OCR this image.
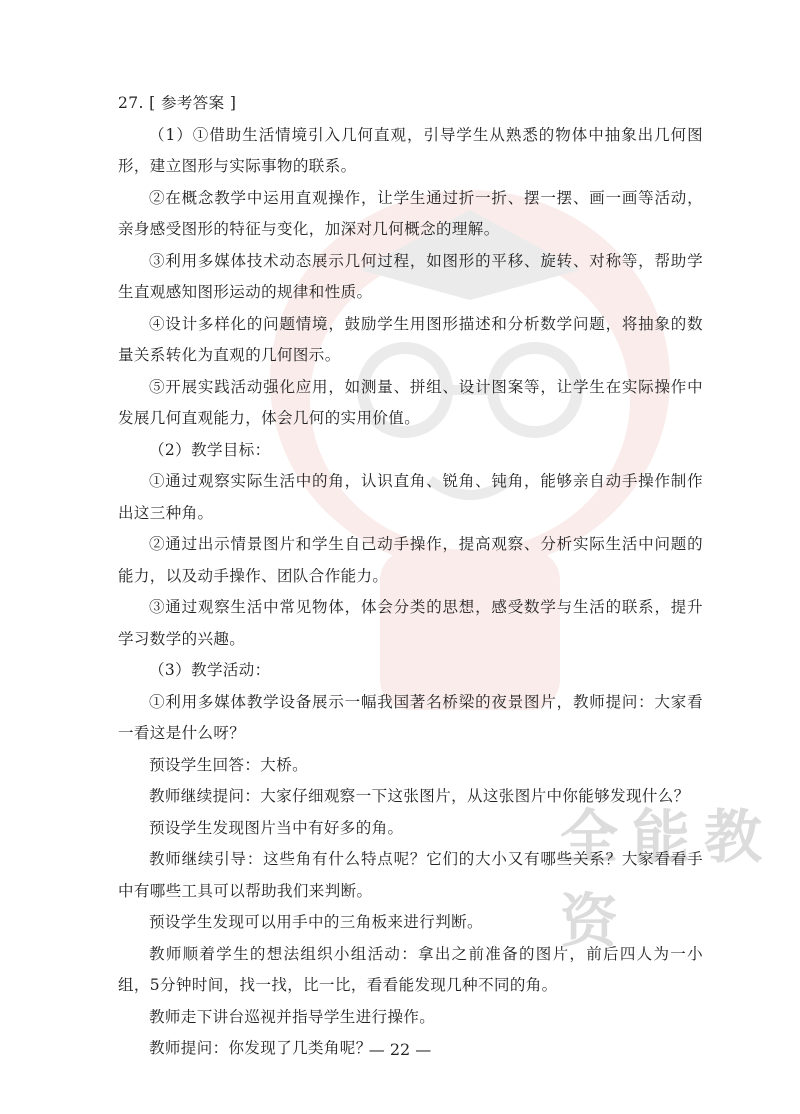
全能教资

27. [ 参考答案 ]

（1）①借助生活情境引入几何直观，引导学生从熟悉的物体中抽象出几何图形，建立图形与实际事物的联系。

②在概念教学中运用直观操作，让学生通过折一折、摆一摆、画一画等活动，亲身感受图形的特征与变化，加深对几何概念的理解。

③利用多媒体技术动态展示几何过程，如图形的平移、旋转、对称等，帮助学生直观感知图形运动的规律和性质。

④设计多样化的问题情境，鼓励学生用图形描述和分析数学问题，将抽象的数量关系转化为直观的几何图示。

⑤开展实践活动强化应用，如测量、拼组、设计图案等，让学生在实际操作中发展几何直观能力，体会几何的实用价值。

（2）教学目标：

①通过观察实际生活中的角，认识直角、锐角、钝角，能够亲自动手操作制作出这三种角。

②通过出示情景图片和学生自己动手操作，提高观察、分析实际生活中问题的能力，以及动手操作、团队合作能力。

③通过观察生活中常见物体，体会分类的思想，感受数学与生活的联系，提升学习数学的兴趣。

（3）教学活动：

①利用多媒体教学设备展示一幅我国著名桥梁的夜景图片，教师提问：大家看一看这是什么呀？

预设学生回答：大桥。

教师继续提问：大家仔细观察一下这张图片，从这张图片中你能够发现什么？

预设学生发现图片当中有好多的角。

教师继续引导：这些角有什么特点呢？它们的大小又有哪些关系？大家看看手中有哪些工具可以帮助我们来判断。

预设学生发现可以用手中的三角板来进行判断。

教师顺着学生的想法组织小组活动：拿出之前准备的图片，前后四人为一小组，5分钟时间，找一找，比一比，看看能发现几种不同的角。

教师走下讲台巡视并指导学生进行操作。

教师提问：你发现了几类角呢？

— 22 —
